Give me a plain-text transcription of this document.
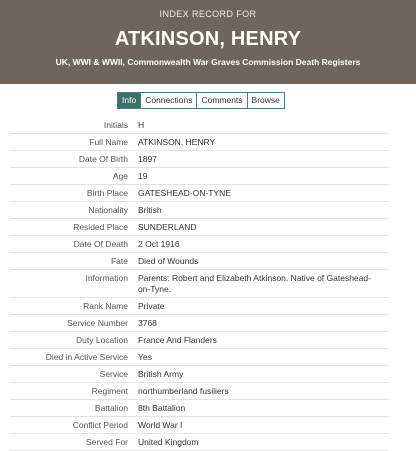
INDEX RECORD FOR
ATKINSON, HENRY
UK, WWI & WWII, Commonwealth War Graves Commission Death Registers
Info	Connections	Comments	Browse
Initials	H
Full Name	ATKINSON, HENRY
Date Of Birth	1897
Age	19
Birth Place	GATESHEAD-ON-TYNE
Nationality	British
Resided Place	SUNDERLAND
Date Of Death	2 Oct 1916
Fate	Died of Wounds
Information	Parents: Robert and Elizabeth Atkinson. Native of Gateshead-on-Tyne.
Rank Name	Private
Service Number	3768
Duty Location	France And Flanders
Died in Active Service	Yes
Service	British Army
Regiment	northumberland fusiliers
Battalion	8th Battalion
Conflict Period	World War I
Served For	United Kingdom
